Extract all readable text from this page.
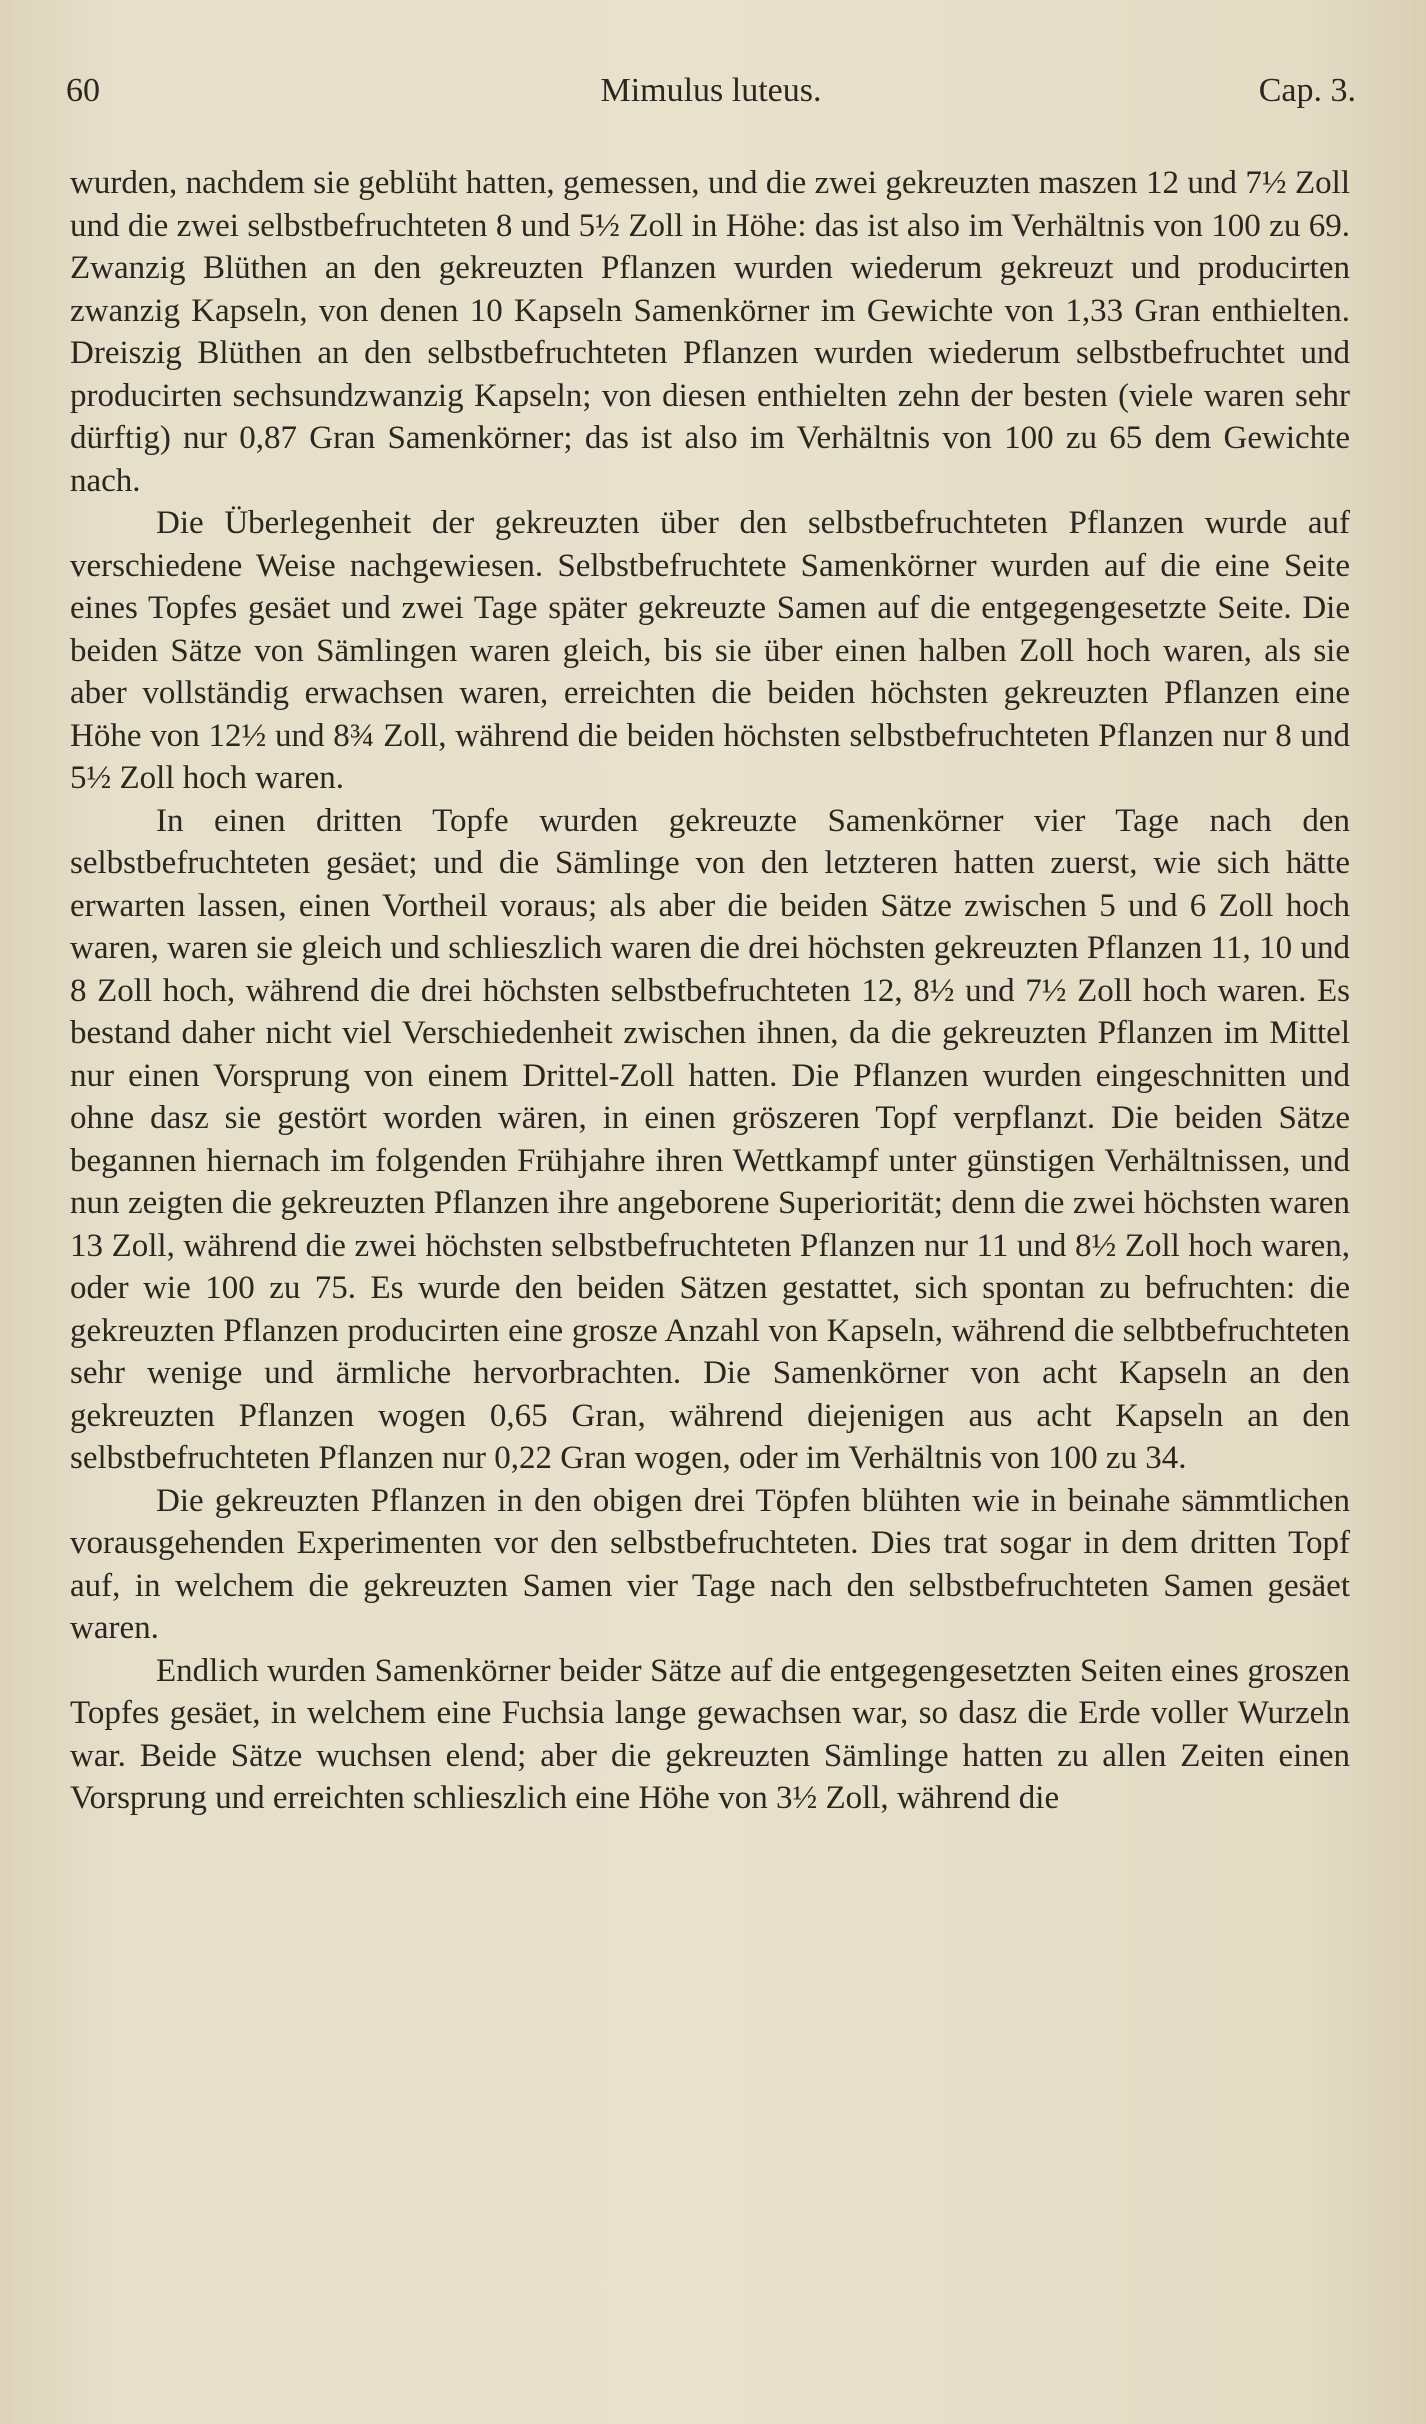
60	Mimulus luteus.	Cap. 3.

wurden, nachdem sie geblüht hatten, gemessen, und die zwei gekreuzten maszen 12 und 7½ Zoll und die zwei selbstbefruchteten 8 und 5½ Zoll in Höhe: das ist also im Verhältnis von 100 zu 69. Zwanzig Blüthen an den gekreuzten Pflanzen wurden wiederum gekreuzt und producirten zwanzig Kapseln, von denen 10 Kapseln Samenkörner im Gewichte von 1,33 Gran enthielten. Dreiszig Blüthen an den selbstbefruchteten Pflanzen wurden wiederum selbstbefruchtet und producirten sechsundzwanzig Kapseln; von diesen enthielten zehn der besten (viele waren sehr dürftig) nur 0,87 Gran Samenkörner; das ist also im Verhältnis von 100 zu 65 dem Gewichte nach.

Die Überlegenheit der gekreuzten über den selbstbefruchteten Pflanzen wurde auf verschiedene Weise nachgewiesen. Selbstbefruchtete Samenkörner wurden auf die eine Seite eines Topfes gesäet und zwei Tage später gekreuzte Samen auf die entgegengesetzte Seite. Die beiden Sätze von Sämlingen waren gleich, bis sie über einen halben Zoll hoch waren, als sie aber vollständig erwachsen waren, erreichten die beiden höchsten gekreuzten Pflanzen eine Höhe von 12½ und 8¾ Zoll, während die beiden höchsten selbstbefruchteten Pflanzen nur 8 und 5½ Zoll hoch waren.

In einen dritten Topfe wurden gekreuzte Samenkörner vier Tage nach den selbstbefruchteten gesäet; und die Sämlinge von den letzteren hatten zuerst, wie sich hätte erwarten lassen, einen Vortheil voraus; als aber die beiden Sätze zwischen 5 und 6 Zoll hoch waren, waren sie gleich und schlieszlich waren die drei höchsten gekreuzten Pflanzen 11, 10 und 8 Zoll hoch, während die drei höchsten selbstbefruchteten 12, 8½ und 7½ Zoll hoch waren. Es bestand daher nicht viel Verschiedenheit zwischen ihnen, da die gekreuzten Pflanzen im Mittel nur einen Vorsprung von einem Drittel-Zoll hatten. Die Pflanzen wurden eingeschnitten und ohne dasz sie gestört worden wären, in einen gröszeren Topf verpflanzt. Die beiden Sätze begannen hiernach im folgenden Frühjahre ihren Wettkampf unter günstigen Verhältnissen, und nun zeigten die gekreuzten Pflanzen ihre angeborene Superiorität; denn die zwei höchsten waren 13 Zoll, während die zwei höchsten selbstbefruchteten Pflanzen nur 11 und 8½ Zoll hoch waren, oder wie 100 zu 75. Es wurde den beiden Sätzen gestattet, sich spontan zu befruchten: die gekreuzten Pflanzen producirten eine grosze Anzahl von Kapseln, während die selbtbefruchteten sehr wenige und ärmliche hervorbrachten. Die Samenkörner von acht Kapseln an den gekreuzten Pflanzen wogen 0,65 Gran, während diejenigen aus acht Kapseln an den selbstbefruchteten Pflanzen nur 0,22 Gran wogen, oder im Verhältnis von 100 zu 34.

Die gekreuzten Pflanzen in den obigen drei Töpfen blühten wie in beinahe sämmtlichen vorausgehenden Experimenten vor den selbstbefruchteten. Dies trat sogar in dem dritten Topf auf, in welchem die gekreuzten Samen vier Tage nach den selbstbefruchteten Samen gesäet waren.

Endlich wurden Samenkörner beider Sätze auf die entgegengesetzten Seiten eines groszen Topfes gesäet, in welchem eine Fuchsia lange gewachsen war, so dasz die Erde voller Wurzeln war. Beide Sätze wuchsen elend; aber die gekreuzten Sämlinge hatten zu allen Zeiten einen Vorsprung und erreichten schlieszlich eine Höhe von 3½ Zoll, während die
